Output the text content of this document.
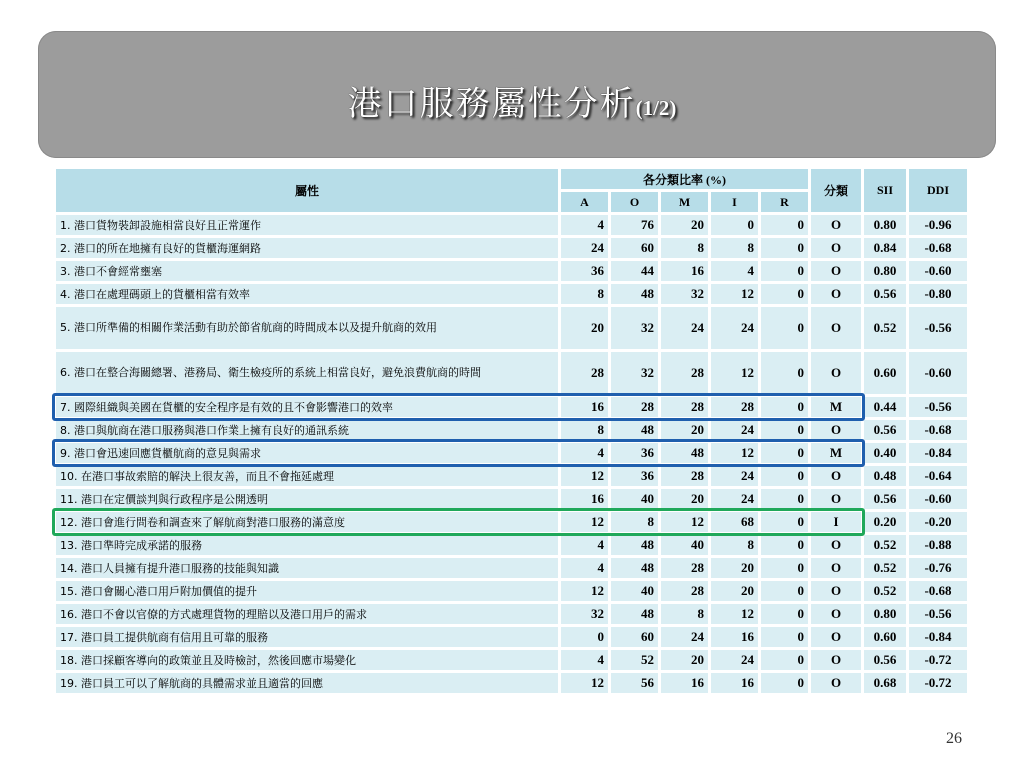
港口服務屬性分析(1/2)
屬性	各分類比率 (%)					分類	SII	DDI
	A	O	M	I	R			
1. 港口貨物裝卸設施相當良好且正常運作	4	76	20	0	0	O	0.80	-0.96
2. 港口的所在地擁有良好的貨櫃海運網路	24	60	8	8	0	O	0.84	-0.68
3. 港口不會經常壅塞	36	44	16	4	0	O	0.80	-0.60
4. 港口在處理碼頭上的貨櫃相當有效率	8	48	32	12	0	O	0.56	-0.80
5. 港口所準備的相關作業活動有助於節省航商的時間成本以及提升航商的效用	20	32	24	24	0	O	0.52	-0.56
6. 港口在整合海關總署、港務局、衛生檢疫所的系統上相當良好，避免浪費航商的時間	28	32	28	12	0	O	0.60	-0.60
7. 國際組織與美國在貨櫃的安全程序是有效的且不會影響港口的效率	16	28	28	28	0	M	0.44	-0.56
8. 港口與航商在港口服務與港口作業上擁有良好的通訊系統	8	48	20	24	0	O	0.56	-0.68
9. 港口會迅速回應貨櫃航商的意見與需求	4	36	48	12	0	M	0.40	-0.84
10. 在港口事故索賠的解決上很友善，而且不會拖延處理	12	36	28	24	0	O	0.48	-0.64
11. 港口在定價談判與行政程序是公開透明	16	40	20	24	0	O	0.56	-0.60
12. 港口會進行問卷和調查來了解航商對港口服務的滿意度	12	8	12	68	0	I	0.20	-0.20
13. 港口準時完成承諾的服務	4	48	40	8	0	O	0.52	-0.88
14. 港口人員擁有提升港口服務的技能與知識	4	48	28	20	0	O	0.52	-0.76
15. 港口會關心港口用戶附加價值的提升	12	40	28	20	0	O	0.52	-0.68
16. 港口不會以官僚的方式處理貨物的理賠以及港口用戶的需求	32	48	8	12	0	O	0.80	-0.56
17. 港口員工提供航商有信用且可靠的服務	0	60	24	16	0	O	0.60	-0.84
18. 港口採顧客導向的政策並且及時檢討，然後回應市場變化	4	52	20	24	0	O	0.56	-0.72
19. 港口員工可以了解航商的具體需求並且適當的回應	12	56	16	16	0	O	0.68	-0.72
26
